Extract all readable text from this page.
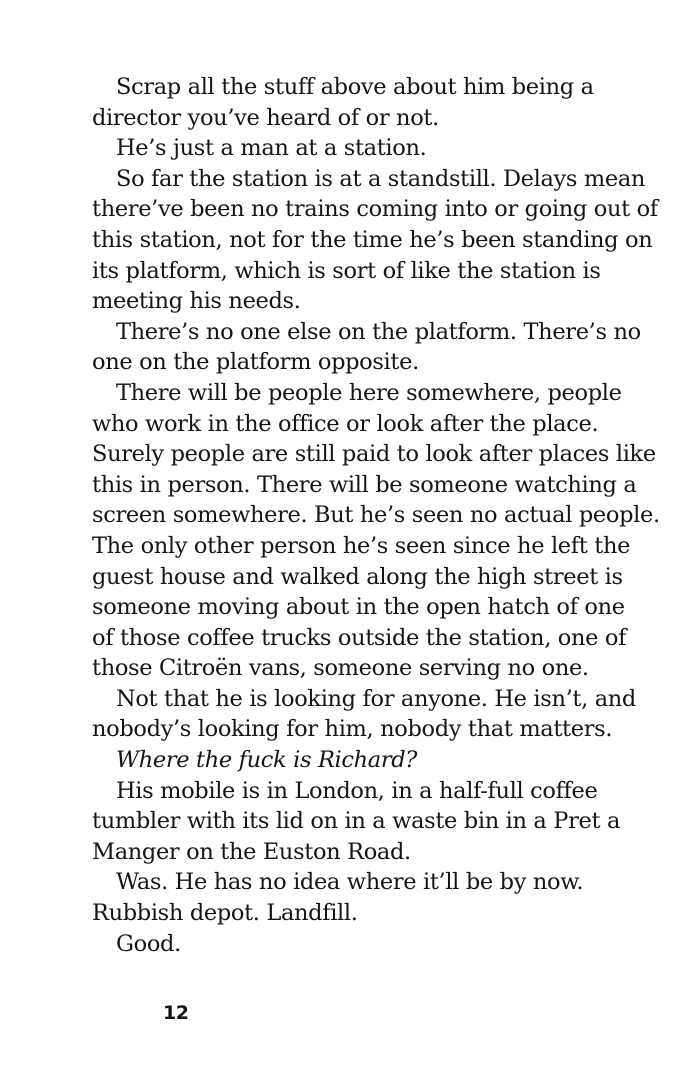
Scrap all the stuff above about him being a
director you’ve heard of or not.
He’s just a man at a station.
So far the station is at a standstill. Delays mean
there’ve been no trains coming into or going out of
this station, not for the time he’s been standing on
its platform, which is sort of like the station is
meeting his needs.
There’s no one else on the platform. There’s no
one on the platform opposite.
There will be people here somewhere, people
who work in the office or look after the place.
Surely people are still paid to look after places like
this in person. There will be someone watching a
screen somewhere. But he’s seen no actual people.
The only other person he’s seen since he left the
guest house and walked along the high street is
someone moving about in the open hatch of one
of those coffee trucks outside the station, one of
those Citroën vans, someone serving no one.
Not that he is looking for anyone. He isn’t, and
nobody’s looking for him, nobody that matters.
Where the fuck is Richard?
His mobile is in London, in a half-full coffee
tumbler with its lid on in a waste bin in a Pret a
Manger on the Euston Road.
Was. He has no idea where it’ll be by now.
Rubbish depot. Landfill.
Good.
12
